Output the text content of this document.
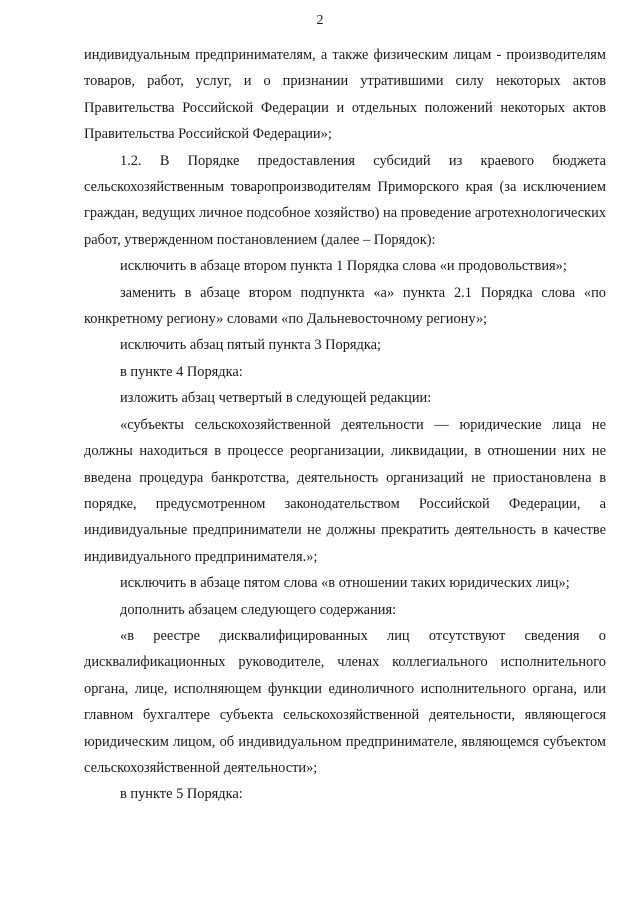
2

индивидуальным предпринимателям, а также физическим лицам - производителям товаров, работ, услуг, и о признании утратившими силу некоторых актов Правительства Российской Федерации и отдельных положений некоторых актов Правительства Российской Федерации»;

1.2. В Порядке предоставления субсидий из краевого бюджета сельскохозяйственным товаропроизводителям Приморского края (за исключением граждан, ведущих личное подсобное хозяйство) на проведение агротехнологических работ, утвержденном постановлением (далее – Порядок):

исключить в абзаце втором пункта 1 Порядка слова «и продовольствия»;

заменить в абзаце втором подпункта «а» пункта 2.1 Порядка слова «по конкретному региону» словами «по Дальневосточному региону»;

исключить абзац пятый пункта 3 Порядка;

в пункте 4 Порядка:

изложить абзац четвертый в следующей редакции:

«субъекты сельскохозяйственной деятельности — юридические лица не должны находиться в процессе реорганизации, ликвидации, в отношении них не введена процедура банкротства, деятельность организаций не приостановлена в порядке, предусмотренном законодательством Российской Федерации, а индивидуальные предприниматели не должны прекратить деятельность в качестве индивидуального предпринимателя.»;

исключить в абзаце пятом слова «в отношении таких юридических лиц»;

дополнить абзацем следующего содержания:

«в реестре дисквалифицированных лиц отсутствуют сведения о дисквалификационных руководителе, членах коллегиального исполнительного органа, лице, исполняющем функции единоличного исполнительного органа, или главном бухгалтере субъекта сельскохозяйственной деятельности, являющегося юридическим лицом, об индивидуальном предпринимателе, являющемся субъектом сельскохозяйственной деятельности»;

в пункте 5 Порядка:
